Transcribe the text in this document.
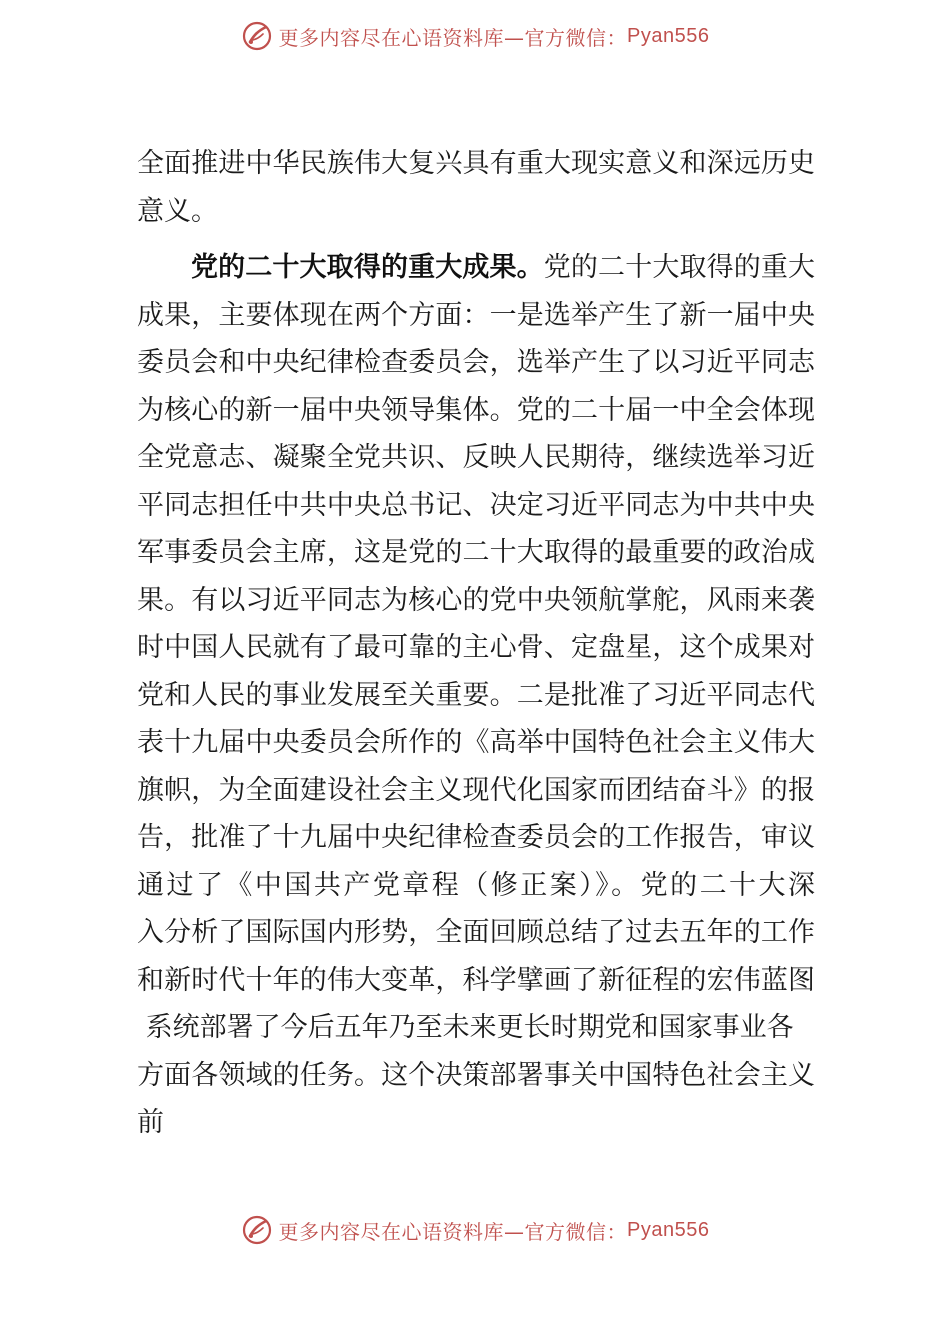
更多内容尽在心语资料库—官方微信： Pyan556
全面推进中华民族伟大复兴具有重大现实意义和深远历史
意义。
党的二十大取得的重大成果。党的二十大取得的重大
成果，主要体现在两个方面：一是选举产生了新一届中央
委员会和中央纪律检查委员会，选举产生了以习近平同志
为核心的新一届中央领导集体。党的二十届一中全会体现
全党意志、凝聚全党共识、反映人民期待，继续选举习近
平同志担任中共中央总书记、决定习近平同志为中共中央
军事委员会主席，这是党的二十大取得的最重要的政治成
果。有以习近平同志为核心的党中央领航掌舵，风雨来袭
时中国人民就有了最可靠的主心骨、定盘星，这个成果对
党和人民的事业发展至关重要。二是批准了习近平同志代
表十九届中央委员会所作的《高举中国特色社会主义伟大
旗帜，为全面建设社会主义现代化国家而团结奋斗》的报
告，批准了十九届中央纪律检查委员会的工作报告，审议
通过了《中国共产党章程（修正案）》。党的二十大深
入分析了国际国内形势，全面回顾总结了过去五年的工作
和新时代十年的伟大变革，科学擘画了新征程的宏伟蓝图
系统部署了今后五年乃至未来更长时期党和国家事业各
方面各领域的任务。这个决策部署事关中国特色社会主义
前
更多内容尽在心语资料库—官方微信： Pyan556
